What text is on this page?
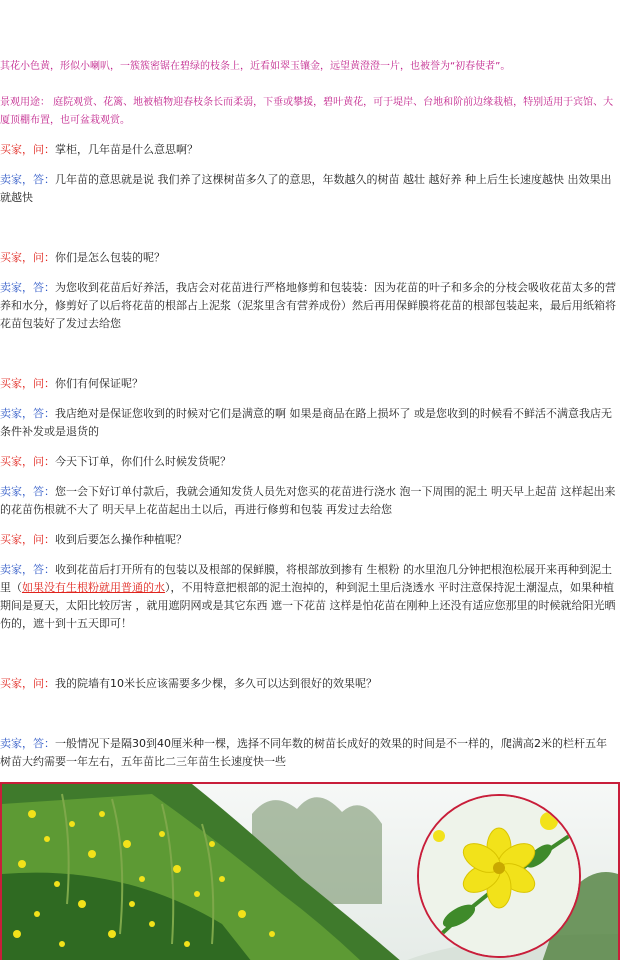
其花小色黄，形似小喇叭，一簇簇密锯在碧绿的枝条上，近看如翠玉镶金，远望黄澄澄一片，也被誉为“初春使者”。
景观用途： 庭院观赏、花篱、地被植物迎春枝条长而柔弱，下垂或攀援，碧叶黄花，可于堤岸、台地和阶前边缘栽植，特别适用于宾馆、大厦顶棚布置，也可盆栽观赏。
买家，问：掌柜，几年苗是什么意思啊？
卖家，答：几年苗的意思就是说 我们养了这棵树苗多久了的意思，年数越久的树苗 越壮 越好养 种上后生长速度越快 出效果出就越快
买家，问：你们是怎么包装的呢？
卖家，答：为您收到花苗后好养活，我店会对花苗进行严格地修剪和包装装：因为花苗的叶子和多余的分枝会吸收花苗太多的营养和水分，修剪好了以后将花苗的根部占上泥浆（泥浆里含有营养成份）然后再用保鲜膜将花苗的根部包装起来，最后用纸箱将花苗包装好了发过去给您
买家，问：你们有何保证呢？
卖家，答：我店绝对是保证您收到的时候对它们是满意的啊 如果是商品在路上损坏了 或是您收到的时候看不鲜活不满意我店无条件补发或是退货的
买家，问：今天下订单，你们什么时候发货呢？
卖家，答：您一会下好订单付款后，我就会通知发货人员先对您买的花苗进行浇水 泡一下周围的泥土 明天早上起苗 这样起出来的花苗伤根就不大了 明天早上花苗起出土以后，再进行修剪和包装 再发过去给您
买家，问：收到后要怎么操作种植呢？
卖家，答：收到花苗后打开所有的包装以及根部的保鲜膜，将根部放到掺有 生根粉 的水里泡几分钟把根泡松展开来再种到泥土里（如果没有生根粉就用普通的水），不用特意把根部的泥土泡掉的，种到泥土里后浇透水 平时注意保持泥土潮湿点，如果种植期间是夏天，太阳比较厉害 ，就用遮阴网或是其它东西 遮一下花苗 这样是怕花苗在刚种上还没有适应您那里的时候就给阳光晒伤的，遮十到十五天即可！
买家，问：我的院墙有10米长应该需要多少棵，多久可以达到很好的效果呢？
卖家，答：一般情况下是隔30到40厘米种一棵，选择不同年数的树苗长成好的效果的时间是不一样的，爬满高2米的栏杆五年树苗大约需要一年左右，五年苗比二三年苗生长速度快一些
